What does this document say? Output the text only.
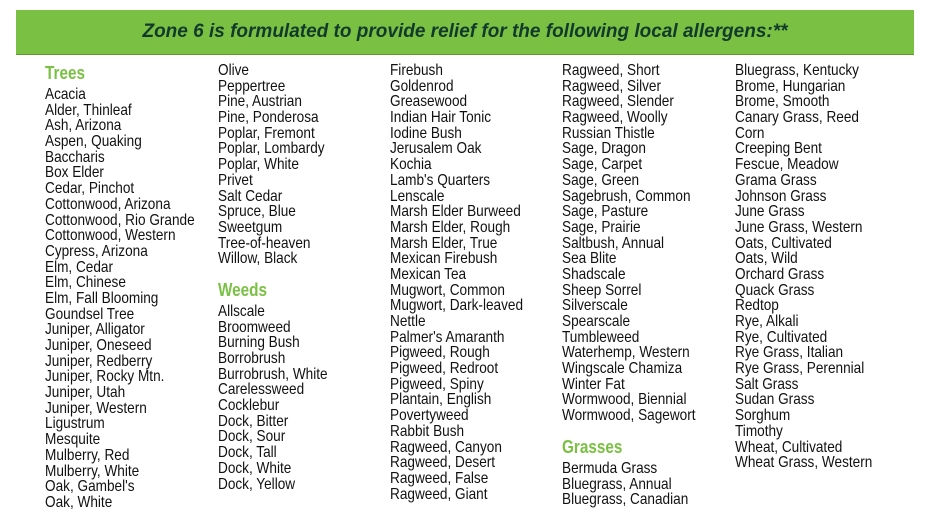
Zone 6 is formulated to provide relief for the following local allergens:**
Trees
Acacia
Alder, Thinleaf
Ash, Arizona
Aspen, Quaking
Baccharis
Box Elder
Cedar, Pinchot
Cottonwood, Arizona
Cottonwood, Rio Grande
Cottonwood, Western
Cypress, Arizona
Elm, Cedar
Elm, Chinese
Elm, Fall Blooming
Goundsel Tree
Juniper, Alligator
Juniper, Oneseed
Juniper, Redberry
Juniper, Rocky Mtn.
Juniper, Utah
Juniper, Western
Ligustrum
Mesquite
Mulberry, Red
Mulberry, White
Oak, Gambel's
Oak, White
Olive
Peppertree
Pine, Austrian
Pine, Ponderosa
Poplar, Fremont
Poplar, Lombardy
Poplar, White
Privet
Salt Cedar
Spruce, Blue
Sweetgum
Tree-of-heaven
Willow, Black
Weeds
Allscale
Broomweed
Burning Bush
Borrobrush
Burrobrush, White
Carelessweed
Cocklebur
Dock, Bitter
Dock, Sour
Dock, Tall
Dock, White
Dock, Yellow
Firebush
Goldenrod
Greasewood
Indian Hair Tonic
Iodine Bush
Jerusalem Oak
Kochia
Lamb's Quarters
Lenscale
Marsh Elder Burweed
Marsh Elder, Rough
Marsh Elder, True
Mexican Firebush
Mexican Tea
Mugwort, Common
Mugwort, Dark-leaved
Nettle
Palmer's Amaranth
Pigweed, Rough
Pigweed, Redroot
Pigweed, Spiny
Plantain, English
Povertyweed
Rabbit Bush
Ragweed, Canyon
Ragweed, Desert
Ragweed, False
Ragweed, Giant
Ragweed, Short
Ragweed, Silver
Ragweed, Slender
Ragweed, Woolly
Russian Thistle
Sage, Dragon
Sage, Carpet
Sage, Green
Sagebrush, Common
Sage, Pasture
Sage, Prairie
Saltbush, Annual
Sea Blite
Shadscale
Sheep Sorrel
Silverscale
Spearscale
Tumbleweed
Waterhemp, Western
Wingscale Chamiza
Winter Fat
Wormwood, Biennial
Wormwood, Sagewort
Grasses
Bermuda Grass
Bluegrass, Annual
Bluegrass, Canadian
Bluegrass, Kentucky
Brome, Hungarian
Brome, Smooth
Canary Grass, Reed
Corn
Creeping Bent
Fescue, Meadow
Grama Grass
Johnson Grass
June Grass
June Grass, Western
Oats, Cultivated
Oats, Wild
Orchard Grass
Quack Grass
Redtop
Rye, Alkali
Rye, Cultivated
Rye Grass, Italian
Rye Grass, Perennial
Salt Grass
Sudan Grass
Sorghum
Timothy
Wheat, Cultivated
Wheat Grass, Western
